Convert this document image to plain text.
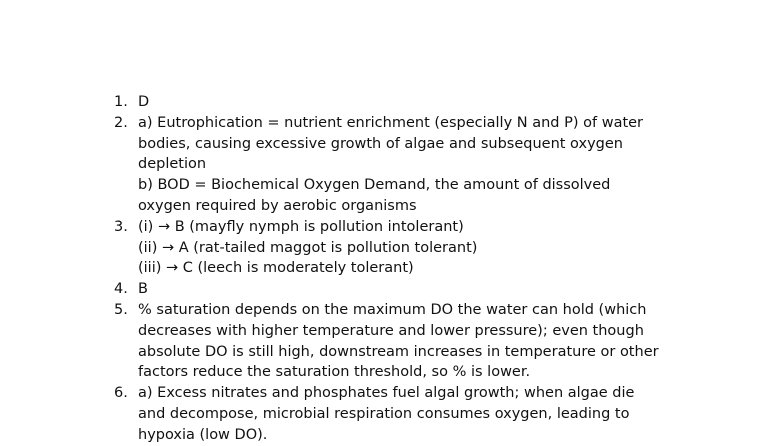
1. D
2. a) Eutrophication = nutrient enrichment (especially N and P) of water
bodies, causing excessive growth of algae and subsequent oxygen
depletion
b) BOD = Biochemical Oxygen Demand, the amount of dissolved
oxygen required by aerobic organisms
3. (i) → B (mayfly nymph is pollution intolerant)
(ii) → A (rat-tailed maggot is pollution tolerant)
(iii) → C (leech is moderately tolerant)
4. B
5. % saturation depends on the maximum DO the water can hold (which
decreases with higher temperature and lower pressure); even though
absolute DO is still high, downstream increases in temperature or other
factors reduce the saturation threshold, so % is lower.
6. a) Excess nitrates and phosphates fuel algal growth; when algae die
and decompose, microbial respiration consumes oxygen, leading to
hypoxia (low DO).
